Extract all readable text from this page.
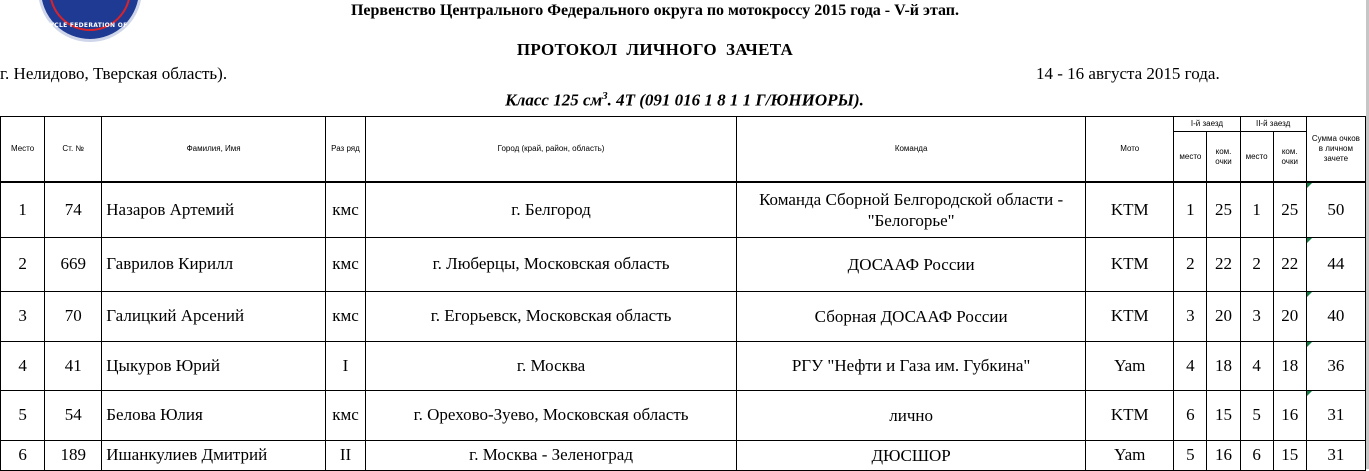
CYCLE FEDERATION OF R
Первенство Центрального Федерального округа по мотокроссу 2015 года - V-й этап.
ПРОТОКОЛ  ЛИЧНОГО  ЗАЧЕТА
г. Нелидово, Тверская область).	14 - 16 августа 2015 года.
Класс 125 $см^3$. 4Т (091 016 1 8 1 1 Г/ЮНИОРЫ).
Место	Ст. №	Фамилия, Имя	Раз ряд	Город (край, район, область)	Команда	Мото	I-й заезд		II-й заезд		Сумма очков в личном зачете
							место	ком. очки	место	ком. очки	
1	74	Назаров Артемий	кмс	г. Белгород	Команда Сборной Белгородской области - "Белогорье"	KTM	1	25	1	25	50
2	669	Гаврилов Кирилл	кмс	г. Люберцы, Московская область	ДОСААФ России	KTM	2	22	2	22	44
3	70	Галицкий Арсений	кмс	г. Егорьевск, Московская область	Сборная ДОСААФ России	KTM	3	20	3	20	40
4	41	Цыкуров Юрий	I	г. Москва	РГУ "Нефти и Газа им. Губкина"	Yam	4	18	4	18	36
5	54	Белова Юлия	кмс	г. Орехово-Зуево, Московская область	лично	KTM	6	15	5	16	31
6	189	Ишанкулиев Дмитрий	II	г. Москва - Зеленоград	ДЮСШОР	Yam	5	16	6	15	31
